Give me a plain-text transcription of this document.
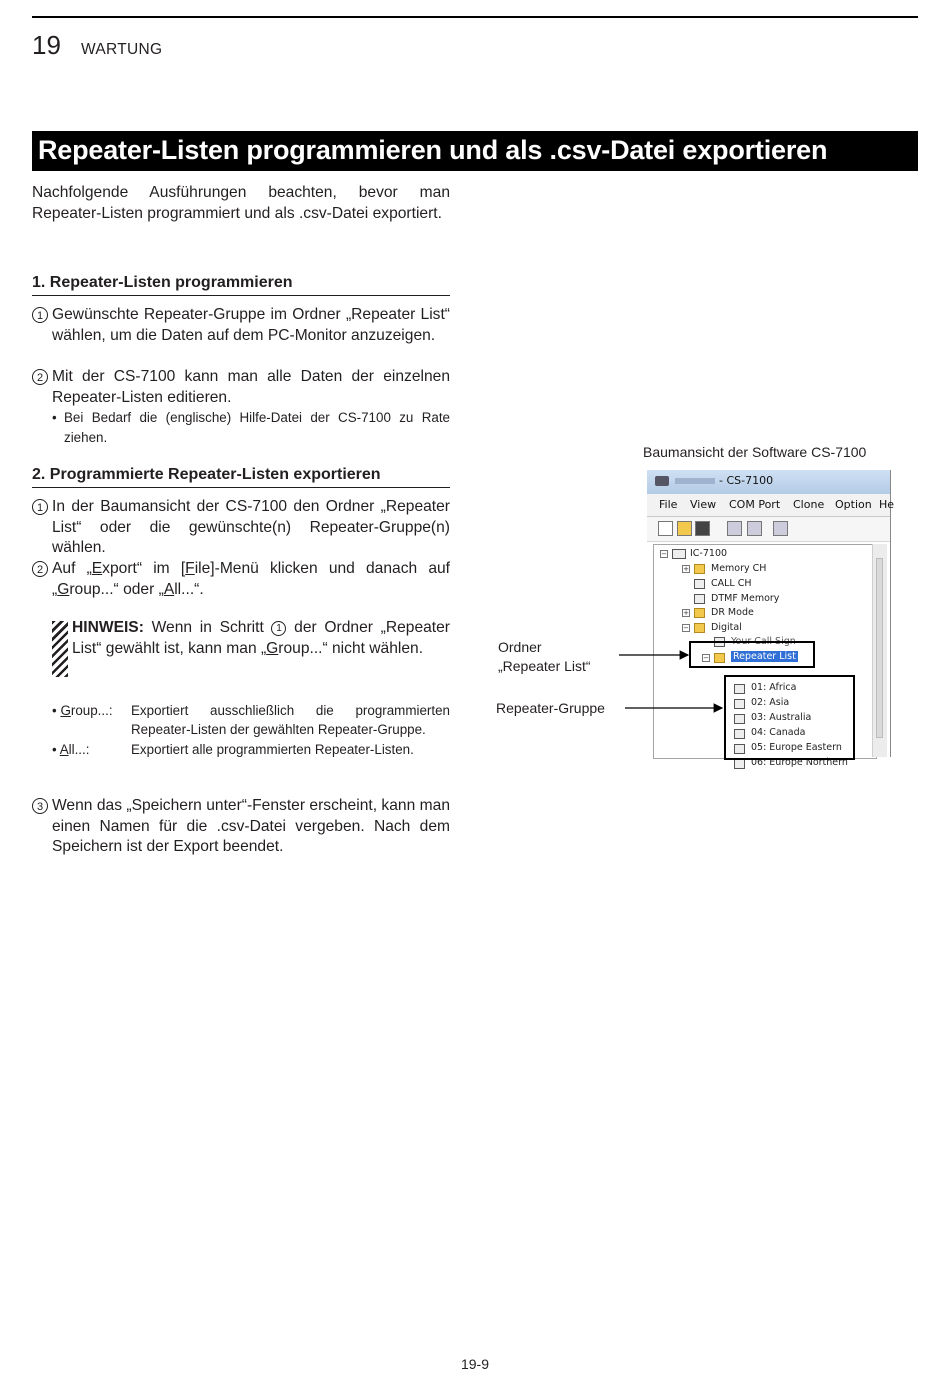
19 WARTUNG
Repeater-Listen programmieren und als .csv-Datei exportieren
Nachfolgende Ausführungen beachten, bevor man Repeater-Listen programmiert und als .csv-Datei exportiert.
1. Repeater-Listen programmieren
1 Gewünschte Repeater-Gruppe im Ordner „Repeater List“ wählen, um die Daten auf dem PC-Monitor anzuzeigen.
2 Mit der CS-7100 kann man alle Daten der einzelnen Repeater-Listen editieren.
• Bei Bedarf die (englische) Hilfe-Datei der CS-7100 zu Rate ziehen.
2. Programmierte Repeater-Listen exportieren
1 In der Baumansicht der CS-7100 den Ordner „Repeater List“ oder die gewünschte(n) Repeater-Gruppe(n) wählen.
2 Auf „Export“ im [File]-Menü klicken und danach auf „Group...“ oder „All...“.
HINWEIS: Wenn in Schritt 1 der Ordner „Repeater List“ gewählt ist, kann man „Group...“ nicht wählen.
• Group...: Exportiert ausschließlich die programmierten Repeater-Listen der gewählten Repeater-Gruppe.
• All...:	Exportiert alle programmierten Repeater-Listen.
3 Wenn das „Speichern unter“-Fenster erscheint, kann man einen Namen für die .csv-Datei vergeben. Nach dem Speichern ist der Export beendet.
Baumansicht der Software CS-7100
- CS-7100
File View COM Port Clone Option He
− IC-7100
+ Memory CH
CALL CH
DTMF Memory
+ DR Mode
− Digital
Your Call Sign
−	Repeater List
01: Africa
02: Asia
03: Australia
04: Canada
05: Europe Eastern
06: Europe Northern
Ordner
„Repeater List“
Repeater-Gruppe
19-9
